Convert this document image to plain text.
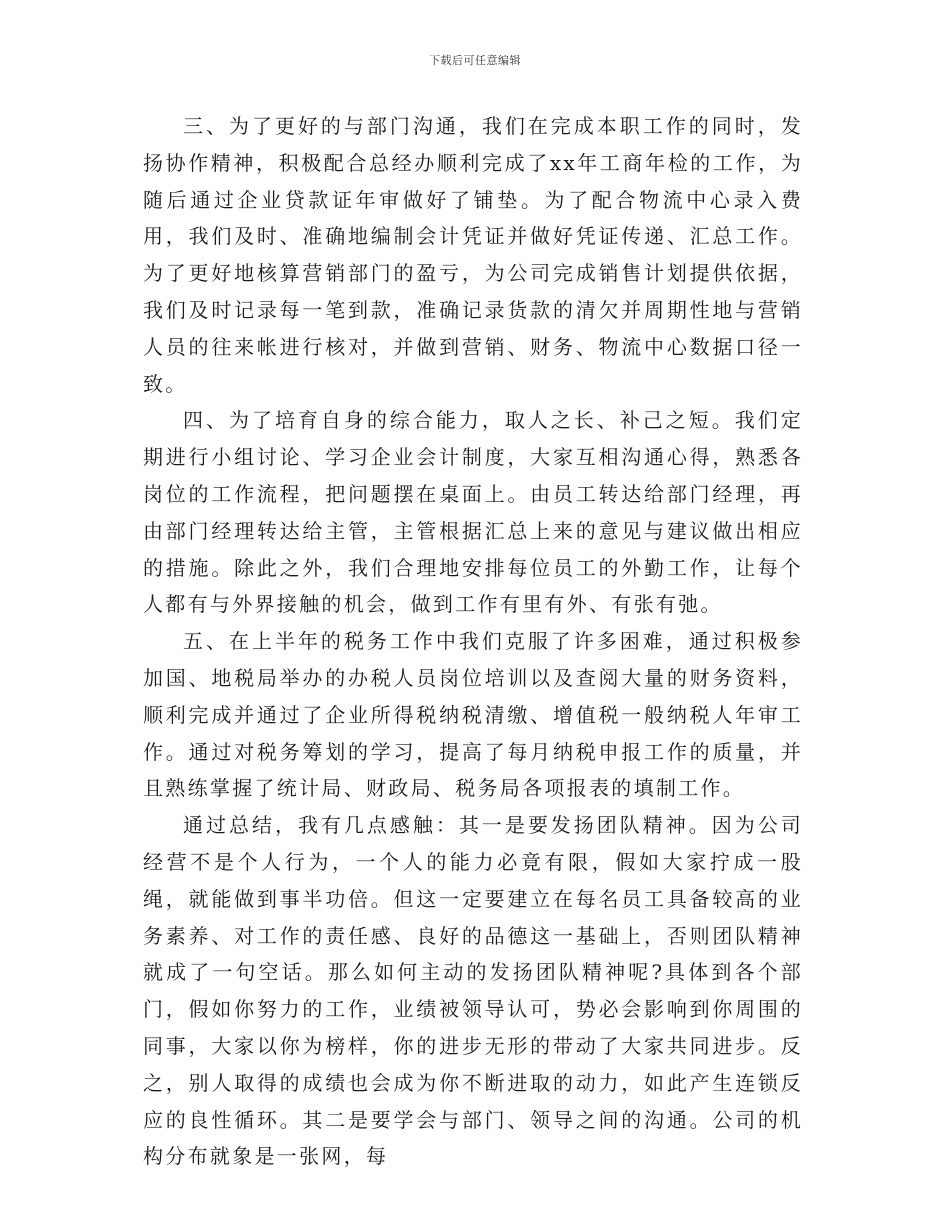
下载后可任意编辑

三、为了更好的与部门沟通，我们在完成本职工作的同时，发扬协作精神，积极配合总经办顺利完成了xx年工商年检的工作，为随后通过企业贷款证年审做好了铺垫。为了配合物流中心录入费用，我们及时、准确地编制会计凭证并做好凭证传递、汇总工作。为了更好地核算营销部门的盈亏，为公司完成销售计划提供依据，我们及时记录每一笔到款，准确记录货款的清欠并周期性地与营销人员的往来帐进行核对，并做到营销、财务、物流中心数据口径一致。

四、为了培育自身的综合能力，取人之长、补己之短。我们定期进行小组讨论、学习企业会计制度，大家互相沟通心得，熟悉各岗位的工作流程，把问题摆在桌面上。由员工转达给部门经理，再由部门经理转达给主管，主管根据汇总上来的意见与建议做出相应的措施。除此之外，我们合理地安排每位员工的外勤工作，让每个人都有与外界接触的机会，做到工作有里有外、有张有弛。

五、在上半年的税务工作中我们克服了许多困难，通过积极参加国、地税局举办的办税人员岗位培训以及查阅大量的财务资料，顺利完成并通过了企业所得税纳税清缴、增值税一般纳税人年审工作。通过对税务筹划的学习，提高了每月纳税申报工作的质量，并且熟练掌握了统计局、财政局、税务局各项报表的填制工作。

通过总结，我有几点感触：其一是要发扬团队精神。因为公司经营不是个人行为，一个人的能力必竟有限，假如大家拧成一股绳，就能做到事半功倍。但这一定要建立在每名员工具备较高的业务素养、对工作的责任感、良好的品德这一基础上，否则团队精神就成了一句空话。那么如何主动的发扬团队精神呢?具体到各个部门，假如你努力的工作，业绩被领导认可，势必会影响到你周围的同事，大家以你为榜样，你的进步无形的带动了大家共同进步。反之，别人取得的成绩也会成为你不断进取的动力，如此产生连锁反应的良性循环。其二是要学会与部门、领导之间的沟通。公司的机构分布就象是一张网，每
